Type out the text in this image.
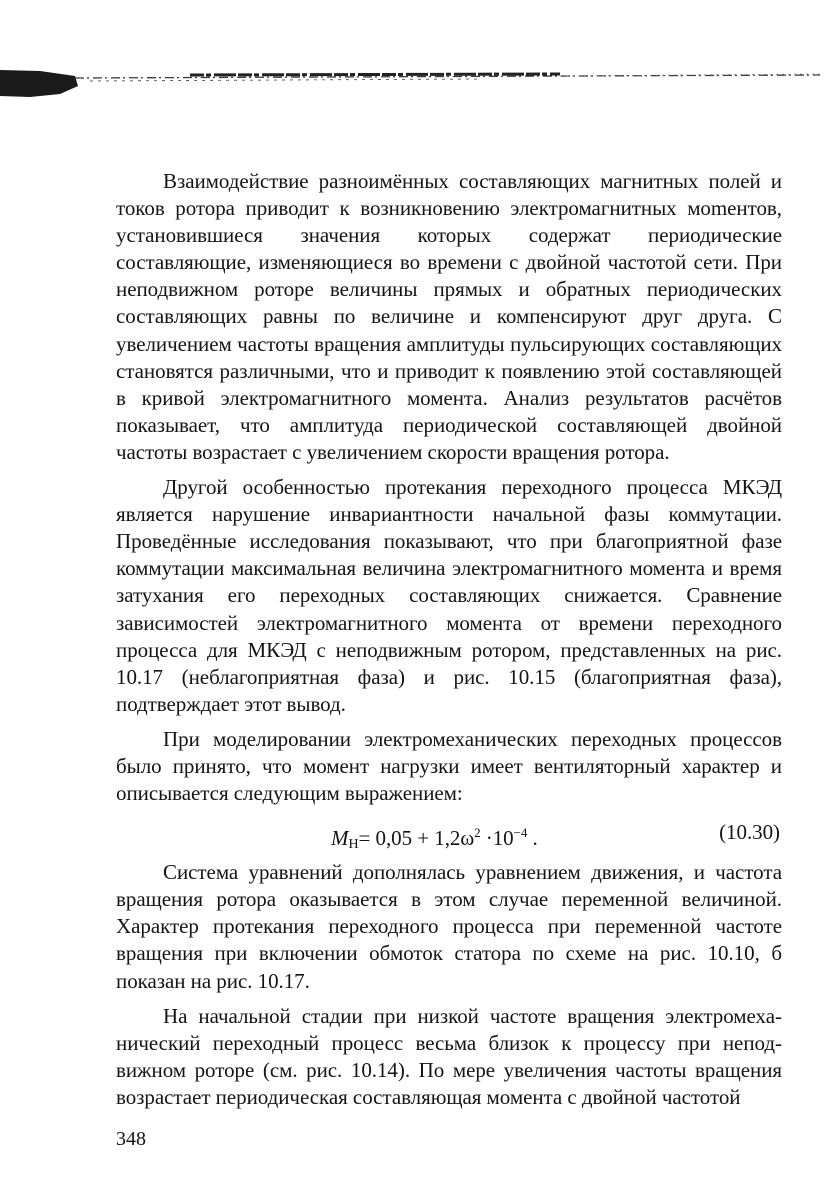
Взаимодействие разноимённых составляющих магнитных полей и токов ротора приводит к возникновению электромагнитных моmентов, установившиеся значения которых содержат периодические составляющие, изменяющиеся во времени с двойной частотой сети. При неподвижном роторе величины прямых и обратных периодических составляющих равны по величине и компенсируют друг друга. С увеличением частоты вращения амплитуды пульсирующих составляющих становятся различными, что и приводит к появлению этой составляющей в кривой электромагнитного момента. Анализ результатов расчётов показывает, что амплитуда периодической составляющей двойной частоты возрастает с увеличением скорости вращения ротора.

Другой особенностью протекания переходного процесса МКЭД является нарушение инвариантности начальной фазы коммутации. Проведённые исследования показывают, что при благоприятной фазе коммутации максимальная величина электромагнитного момента и время затухания его переходных составляющих снижается. Сравнение зависимостей электромагнитного момента от времени переходного процесса для МКЭД с неподвижным ротором, представленных на рис. 10.17 (неблагоприятная фаза) и рис. 10.15 (благоприятная фаза), подтверждает этот вывод.

При моделировании электромеханических переходных процессов было принято, что момент нагрузки имеет вентиляторный характер и описывается следующим выражением:

$M_Н= 0,05 + 1,2\omega^2 \cdot 10^{-4}$ .	(10.30)

Система уравнений дополнялась уравнением движения, и частота вращения ротора оказывается в этом случае переменной величиной. Характер протекания переходного процесса при переменной частоте вращения при включении обмоток статора по схеме на рис. 10.10, б показан на рис. 10.17.

На начальной стадии при низкой частоте вращения электромеханический переходный процесс весьма близок к процессу при неподвижном роторе (см. рис. 10.14). По мере увеличения частоты вращения возрастает периодическая составляющая момента с двойной частотой

348
